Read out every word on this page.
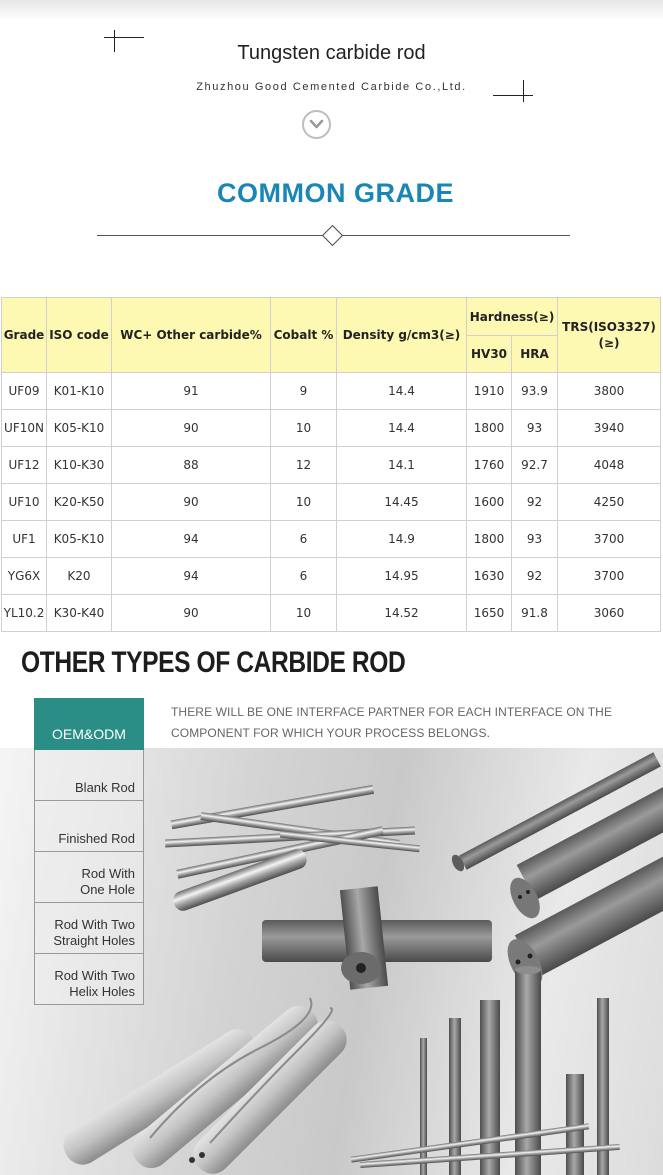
Tungsten carbide rod
Zhuzhou Good Cemented Carbide Co.,Ltd.
COMMON GRADE
Grade	ISO code	WC+ Other carbide%	Cobalt %	Density g/cm3(≥)	Hardness(≥)		TRS(ISO3327)(≥)
					HV30	HRA	
UF09	K01-K10	91	9	14.4	1910	93.9	3800
UF10N	K05-K10	90	10	14.4	1800	93	3940
UF12	K10-K30	88	12	14.1	1760	92.7	4048
UF10	K20-K50	90	10	14.45	1600	92	4250
UF1	K05-K10	94	6	14.9	1800	93	3700
YG6X	K20	94	6	14.95	1630	92	3700
YL10.2	K30-K40	90	10	14.52	1650	91.8	3060
OTHER TYPES OF CARBIDE ROD
THERE WILL BE ONE INTERFACE PARTNER FOR EACH INTERFACE ON THE COMPONENT FOR WHICH YOUR PROCESS BELONGS.
OEM&ODM
Blank Rod
Finished Rod
Rod With
One Hole
Rod With Two
Straight Holes
Rod With Two
Helix Holes
